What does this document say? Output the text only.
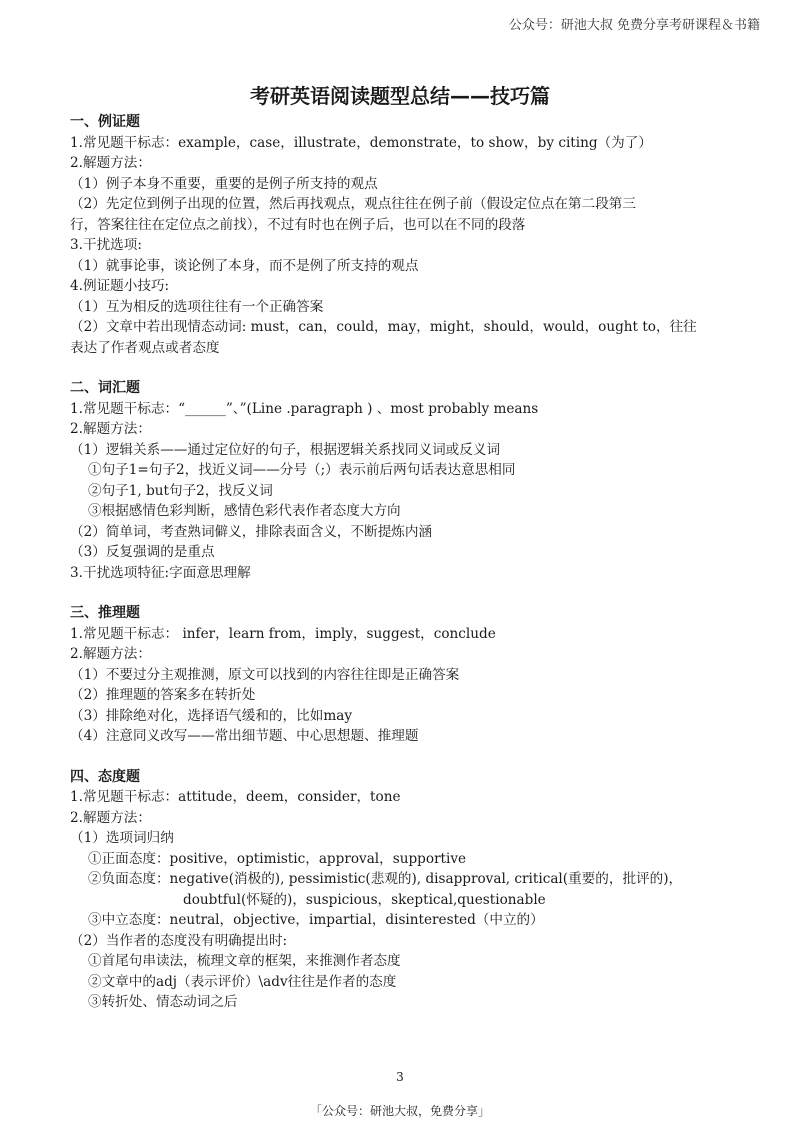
公众号：研池大叔 免费分享考研课程＆书籍
考研英语阅读题型总结——技巧篇
一、例证题
1.常见题干标志：example，case，illustrate，demonstrate，to show，by citing（为了）
2.解题方法：
（1）例子本身不重要，重要的是例子所支持的观点
（2）先定位到例子出现的位置，然后再找观点，观点往往在例子前（假设定位点在第二段第三
行，答案往往在定位点之前找），不过有时也在例子后，也可以在不同的段落
3.干扰选项:
（1）就事论事，谈论例了本身，而不是例了所支持的观点
4.例证题小技巧:
（1）互为相反的选项往往有一个正确答案
（2）文章中若出现情态动词: must，can，could，may，might，should，would，ought to，往往
表达了作者观点或者态度
二、词汇题
1.常见题干标志：“______”、”(Line .paragraph ) 、most probably means
2.解题方法：
（1）逻辑关系——通过定位好的句子，根据逻辑关系找同义词或反义词
①句子1=句子2，找近义词——分号（;）表示前后两句话表达意思相同
②句子1, but句子2，找反义词
③根据感情色彩判断，感情色彩代表作者态度大方向
（2）简单词，考查熟词僻义，排除表面含义，不断提炼内涵
（3）反复强调的是重点
3.干扰选项特征:字面意思理解
三、推理题
1.常见题干标志： infer，learn from，imply，suggest，conclude
2.解题方法：
（1）不要过分主观推测，原文可以找到的内容往往即是正确答案
（2）推理题的答案多在转折处
（3）排除绝对化，选择语气缓和的，比如may
（4）注意同义改写——常出细节题、中心思想题、推理题
四、态度题
1.常见题干标志：attitude，deem，consider，tone
2.解题方法：
（1）选项词归纳
①正面态度：positive，optimistic，approval，supportive
②负面态度：negative(消极的), pessimistic(悲观的), disapproval, critical(重要的，批评的)，
doubtful(怀疑的)，suspicious，skeptical,questionable
③中立态度：neutral，objective，impartial，disinterested（中立的）
（2）当作者的态度没有明确提出时:
①首尾句串读法，梳理文章的框架，来推测作者态度
②文章中的adj（表示评价）\adv往往是作者的态度
③转折处、情态动词之后
3
「公众号：研池大叔，免费分享」
